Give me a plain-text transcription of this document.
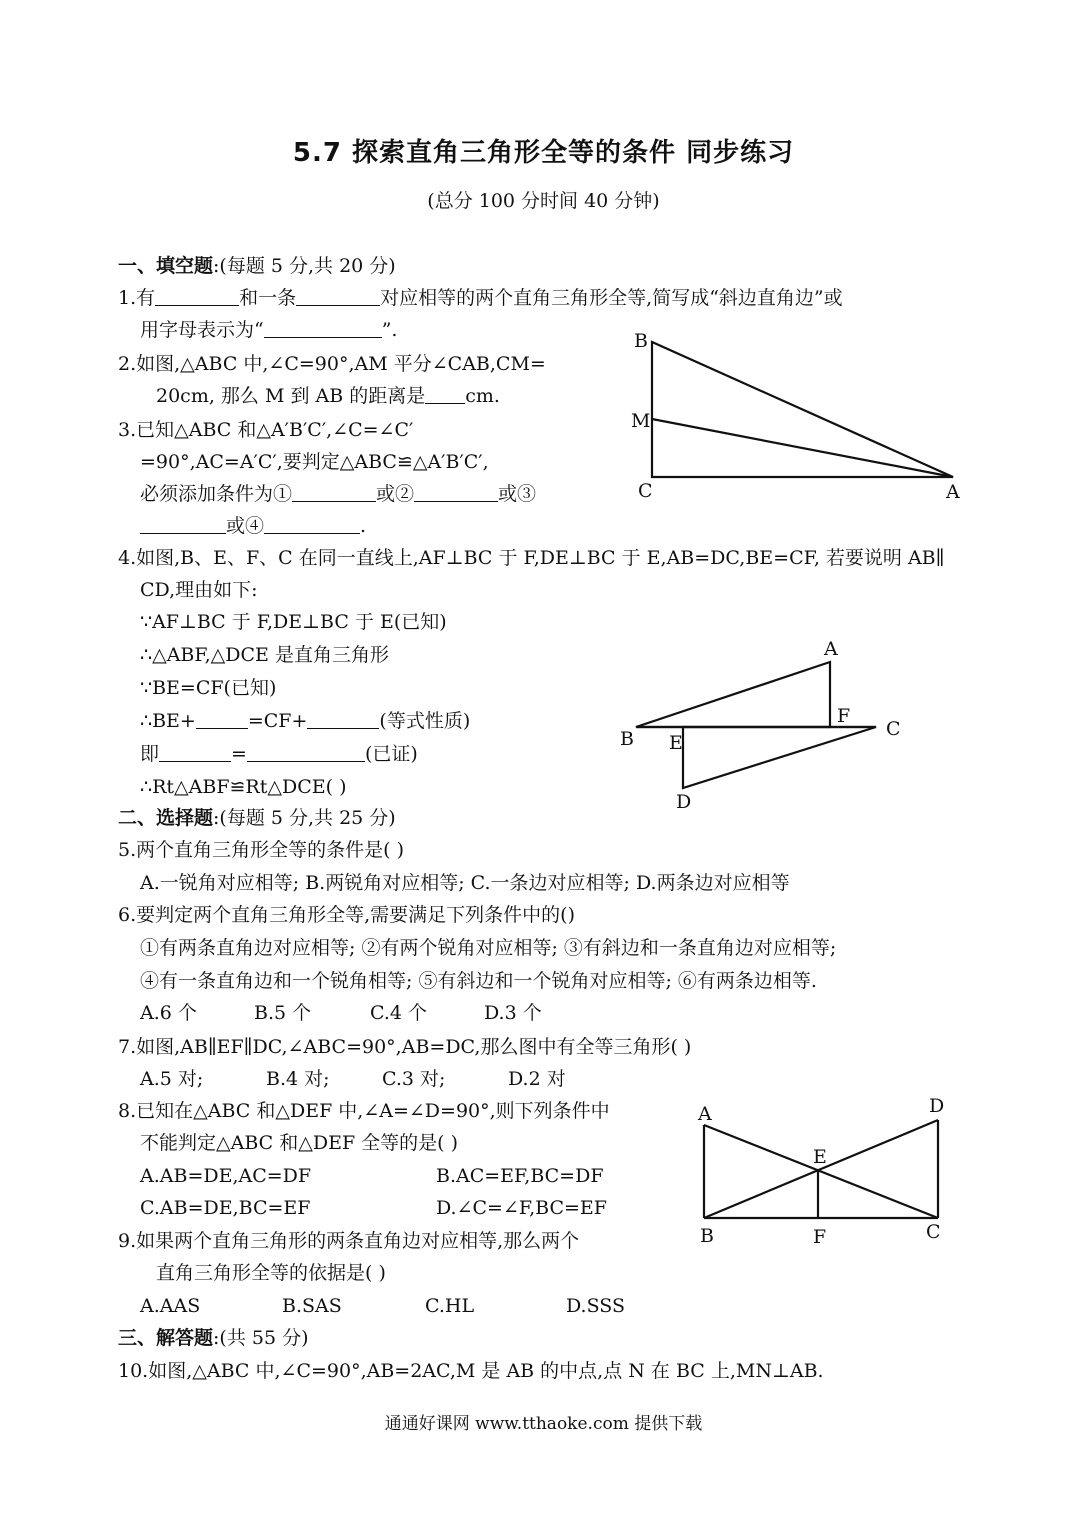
5.7 探索直角三角形全等的条件 同步练习
(总分 100 分时间 40 分钟)
一、填空题:(每题 5 分,共 20 分)
1.有	和一条	对应相等的两个直角三角形全等,简写成“斜边直角边”或
用字母表示为“	”.
2.如图,△ABC 中,∠C=90°,AM 平分∠CAB,CM=
20cm, 那么 M 到 AB 的距离是 cm.
3.已知△ABC 和△A′B′C′,∠C=∠C′
=90°,AC=A′C′,要判定△ABC≌△A′B′C′,
必须添加条件为①	或②	或③
或④	.
4.如图,B、E、F、C 在同一直线上,AF⊥BC 于 F,DE⊥BC 于 E,AB=DC,BE=CF, 若要说明 AB∥
CD,理由如下:
∵AF⊥BC 于 F,DE⊥BC 于 E(已知)
∴△ABF,△DCE 是直角三角形
∵BE=CF(已知)
∴BE+	=CF+	(等式性质)
即	=	(已证)
∴Rt△ABF≌Rt△DCE( )
二、选择题:(每题 5 分,共 25 分)
5.两个直角三角形全等的条件是( )
A.一锐角对应相等; B.两锐角对应相等; C.一条边对应相等; D.两条边对应相等
6.要判定两个直角三角形全等,需要满足下列条件中的()
①有两条直角边对应相等; ②有两个锐角对应相等; ③有斜边和一条直角边对应相等;
④有一条直角边和一个锐角相等; ⑤有斜边和一个锐角对应相等; ⑥有两条边相等.
A.6 个	B.5 个	C.4 个	D.3 个
7.如图,AB∥EF∥DC,∠ABC=90°,AB=DC,那么图中有全等三角形( )
A.5 对;	B.4 对;	C.3 对;	D.2 对
8.已知在△ABC 和△DEF 中,∠A=∠D=90°,则下列条件中
不能判定△ABC 和△DEF 全等的是( )
A.AB=DE,AC=DF	B.AC=EF,BC=DF
C.AB=DE,BC=EF	D.∠C=∠F,BC=EF
9.如果两个直角三角形的两条直角边对应相等,那么两个
直角三角形全等的依据是( )
A.AAS	B.SAS	C.HL	D.SSS
三、解答题:(共 55 分)
10.如图,△ABC 中,∠C=90°,AB=2AC,M 是 AB 的中点,点 N 在 BC 上,MN⊥AB.
B
M
C	A
A
F
C
B E
D
A	D
E
B	F	C
通通好课网 www.tthaoke.com 提供下载
